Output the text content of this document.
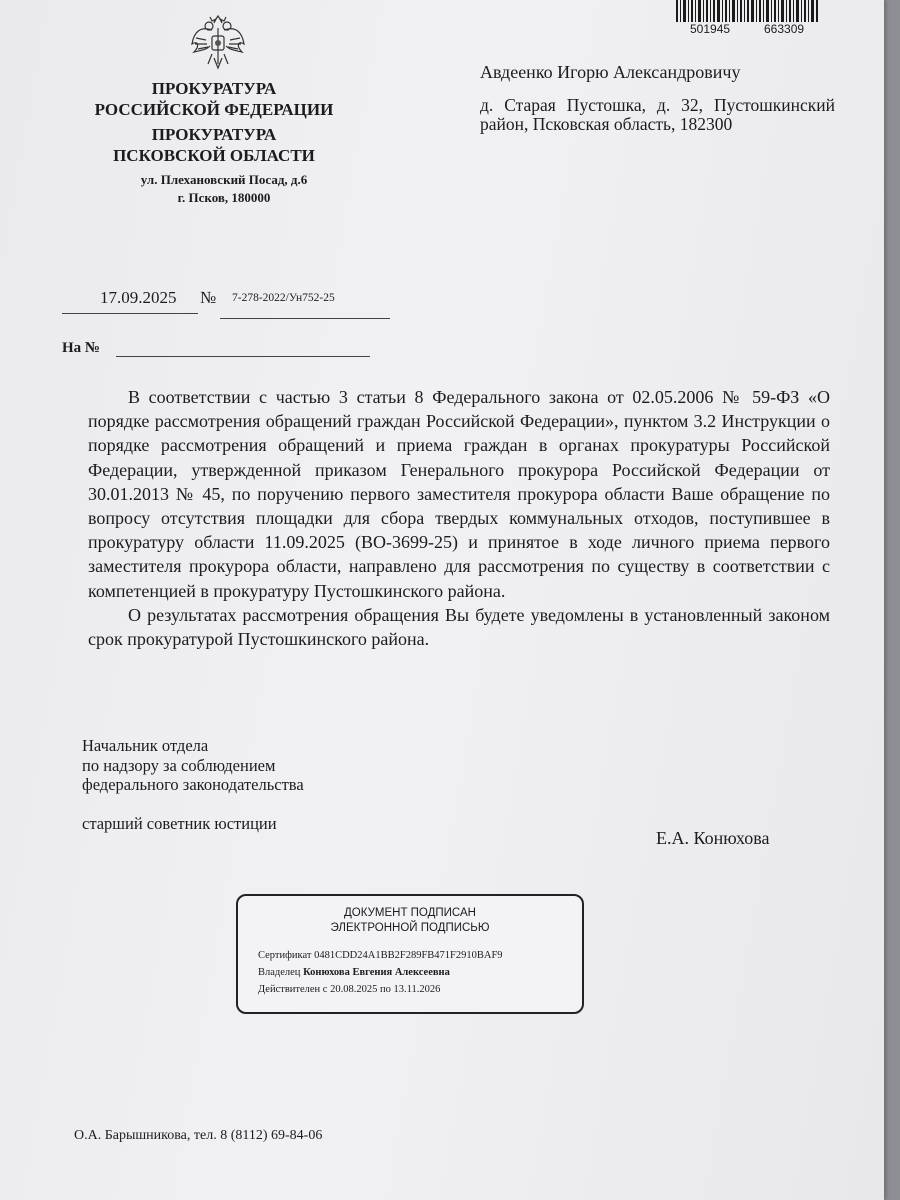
501945	663309
ПРОКУРАТУРА
РОССИЙСКОЙ ФЕДЕРАЦИИ
ПРОКУРАТУРА
ПСКОВСКОЙ ОБЛАСТИ
ул. Плехановский Посад, д.6
г. Псков, 180000
Авдеенко Игорю Александровичу
д. Старая Пустошка, д. 32, Пустошкинский район, Псковская область, 182300
17.09.2025 № 7-278-2022/Ун752-25
На №

В соответствии с частью 3 статьи 8 Федерального закона от 02.05.2006 № 59-ФЗ «О порядке рассмотрения обращений граждан Российской Федерации», пунктом 3.2 Инструкции о порядке рассмотрения обращений и приема граждан в органах прокуратуры Российской Федерации, утвержденной приказом Генерального прокурора Российской Федерации от 30.01.2013 № 45, по поручению первого заместителя прокурора области Ваше обращение по вопросу отсутствия площадки для сбора твердых коммунальных отходов, поступившее в прокуратуру области 11.09.2025 (ВО-3699-25) и принятое в ходе личного приема первого заместителя прокурора области, направлено для рассмотрения по существу в соответствии с компетенцией в прокуратуру Пустошкинского района.

О результатах рассмотрения обращения Вы будете уведомлены в установленный законом срок прокуратурой Пустошкинского района.

Начальник отдела
по надзору за соблюдением
федерального законодательства
старший советник юстиции
Е.А. Конюхова
ДОКУМЕНТ ПОДПИСАН
ЭЛЕКТРОННОЙ ПОДПИСЬЮ
Сертификат 0481CDD24A1BB2F289FB471F2910BAF9
Владелец Конюхова Евгения Алексеевна
Действителен с 20.08.2025 по 13.11.2026
О.А. Барышникова, тел. 8 (8112) 69-84-06
